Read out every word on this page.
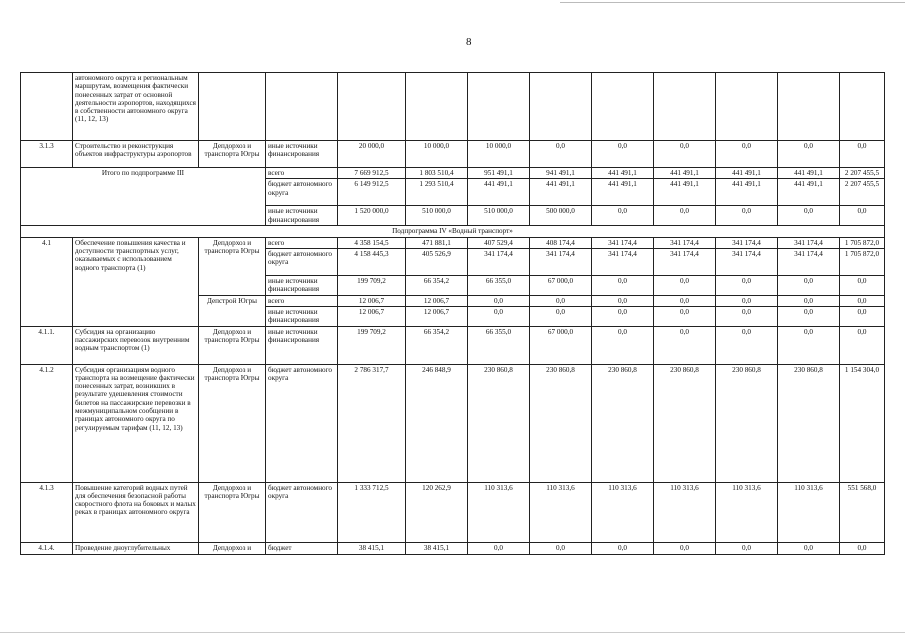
8
	автономного округа и региональным маршрутам, возмещения фактически понесенных затрат от основной деятельности аэропортов, находящихся в собственности автономного округа (11, 12, 13)											
3.1.3	Строительство и реконструкция объектов инфраструктуры аэропортов	Депдорхоз и транспорта Югры	иные источники финансирования	20 000,0	10 000,0	10 000,0	0,0	0,0	0,0	0,0	0,0	0,0
Итого по подпрограмме III			всего	7 669 912,5	1 803 510,4	951 491,1	941 491,1	441 491,1	441 491,1	441 491,1	441 491,1	2 207 455,5
			бюджет автономного округа	6 149 912,5	1 293 510,4	441 491,1	441 491,1	441 491,1	441 491,1	441 491,1	441 491,1	2 207 455,5
			иные источники финансирования	1 520 000,0	510 000,0	510 000,0	500 000,0	0,0	0,0	0,0	0,0	0,0
Подпрограмма IV «Водный транспорт»												
4.1	Обеспечение повышения качества и доступности транспортных услуг, оказываемых с использованием водного транспорта (1)	Депдорхоз и транспорта Югры	всего	4 358 154,5	471 881,1	407 529,4	408 174,4	341 174,4	341 174,4	341 174,4	341 174,4	1 705 872,0
			бюджет автономного округа	4 158 445,3	405 526,9	341 174,4	341 174,4	341 174,4	341 174,4	341 174,4	341 174,4	1 705 872,0
			иные источники финансирования	199 709,2	66 354,2	66 355,0	67 000,0	0,0	0,0	0,0	0,0	0,0
		Депстрой Югры	всего	12 006,7	12 006,7	0,0	0,0	0,0	0,0	0,0	0,0	0,0
			иные источники финансирования	12 006,7	12 006,7	0,0	0,0	0,0	0,0	0,0	0,0	0,0
4.1.1.	Субсидия на организацию пассажирских перевозок внутренним водным транспортом (1)	Депдорхоз и транспорта Югры	иные источники финансирования	199 709,2	66 354,2	66 355,0	67 000,0	0,0	0,0	0,0	0,0	0,0
4.1.2	Субсидия организациям водного транспорта на возмещение фактически понесенных затрат, возникших в результате удешевления стоимости билетов на пассажирские перевозки в межмуниципальном сообщении в границах автономного округа по регулируемым тарифам (11, 12, 13)	Депдорхоз и транспорта Югры	бюджет автономного округа	2 786 317,7	246 848,9	230 860,8	230 860,8	230 860,8	230 860,8	230 860,8	230 860,8	1 154 304,0
4.1.3	Повышение категорий водных путей для обеспечения безопасной работы скоростного флота на боковых и малых реках в границах автономного округа	Депдорхоз и транспорта Югры	бюджет автономного округа	1 333 712,5	120 262,9	110 313,6	110 313,6	110 313,6	110 313,6	110 313,6	110 313,6	551 568,0
4.1.4.	Проведение дноуглубительных	Депдорхоз и	бюджет	38 415,1	38 415,1	0,0	0,0	0,0	0,0	0,0	0,0	0,0
